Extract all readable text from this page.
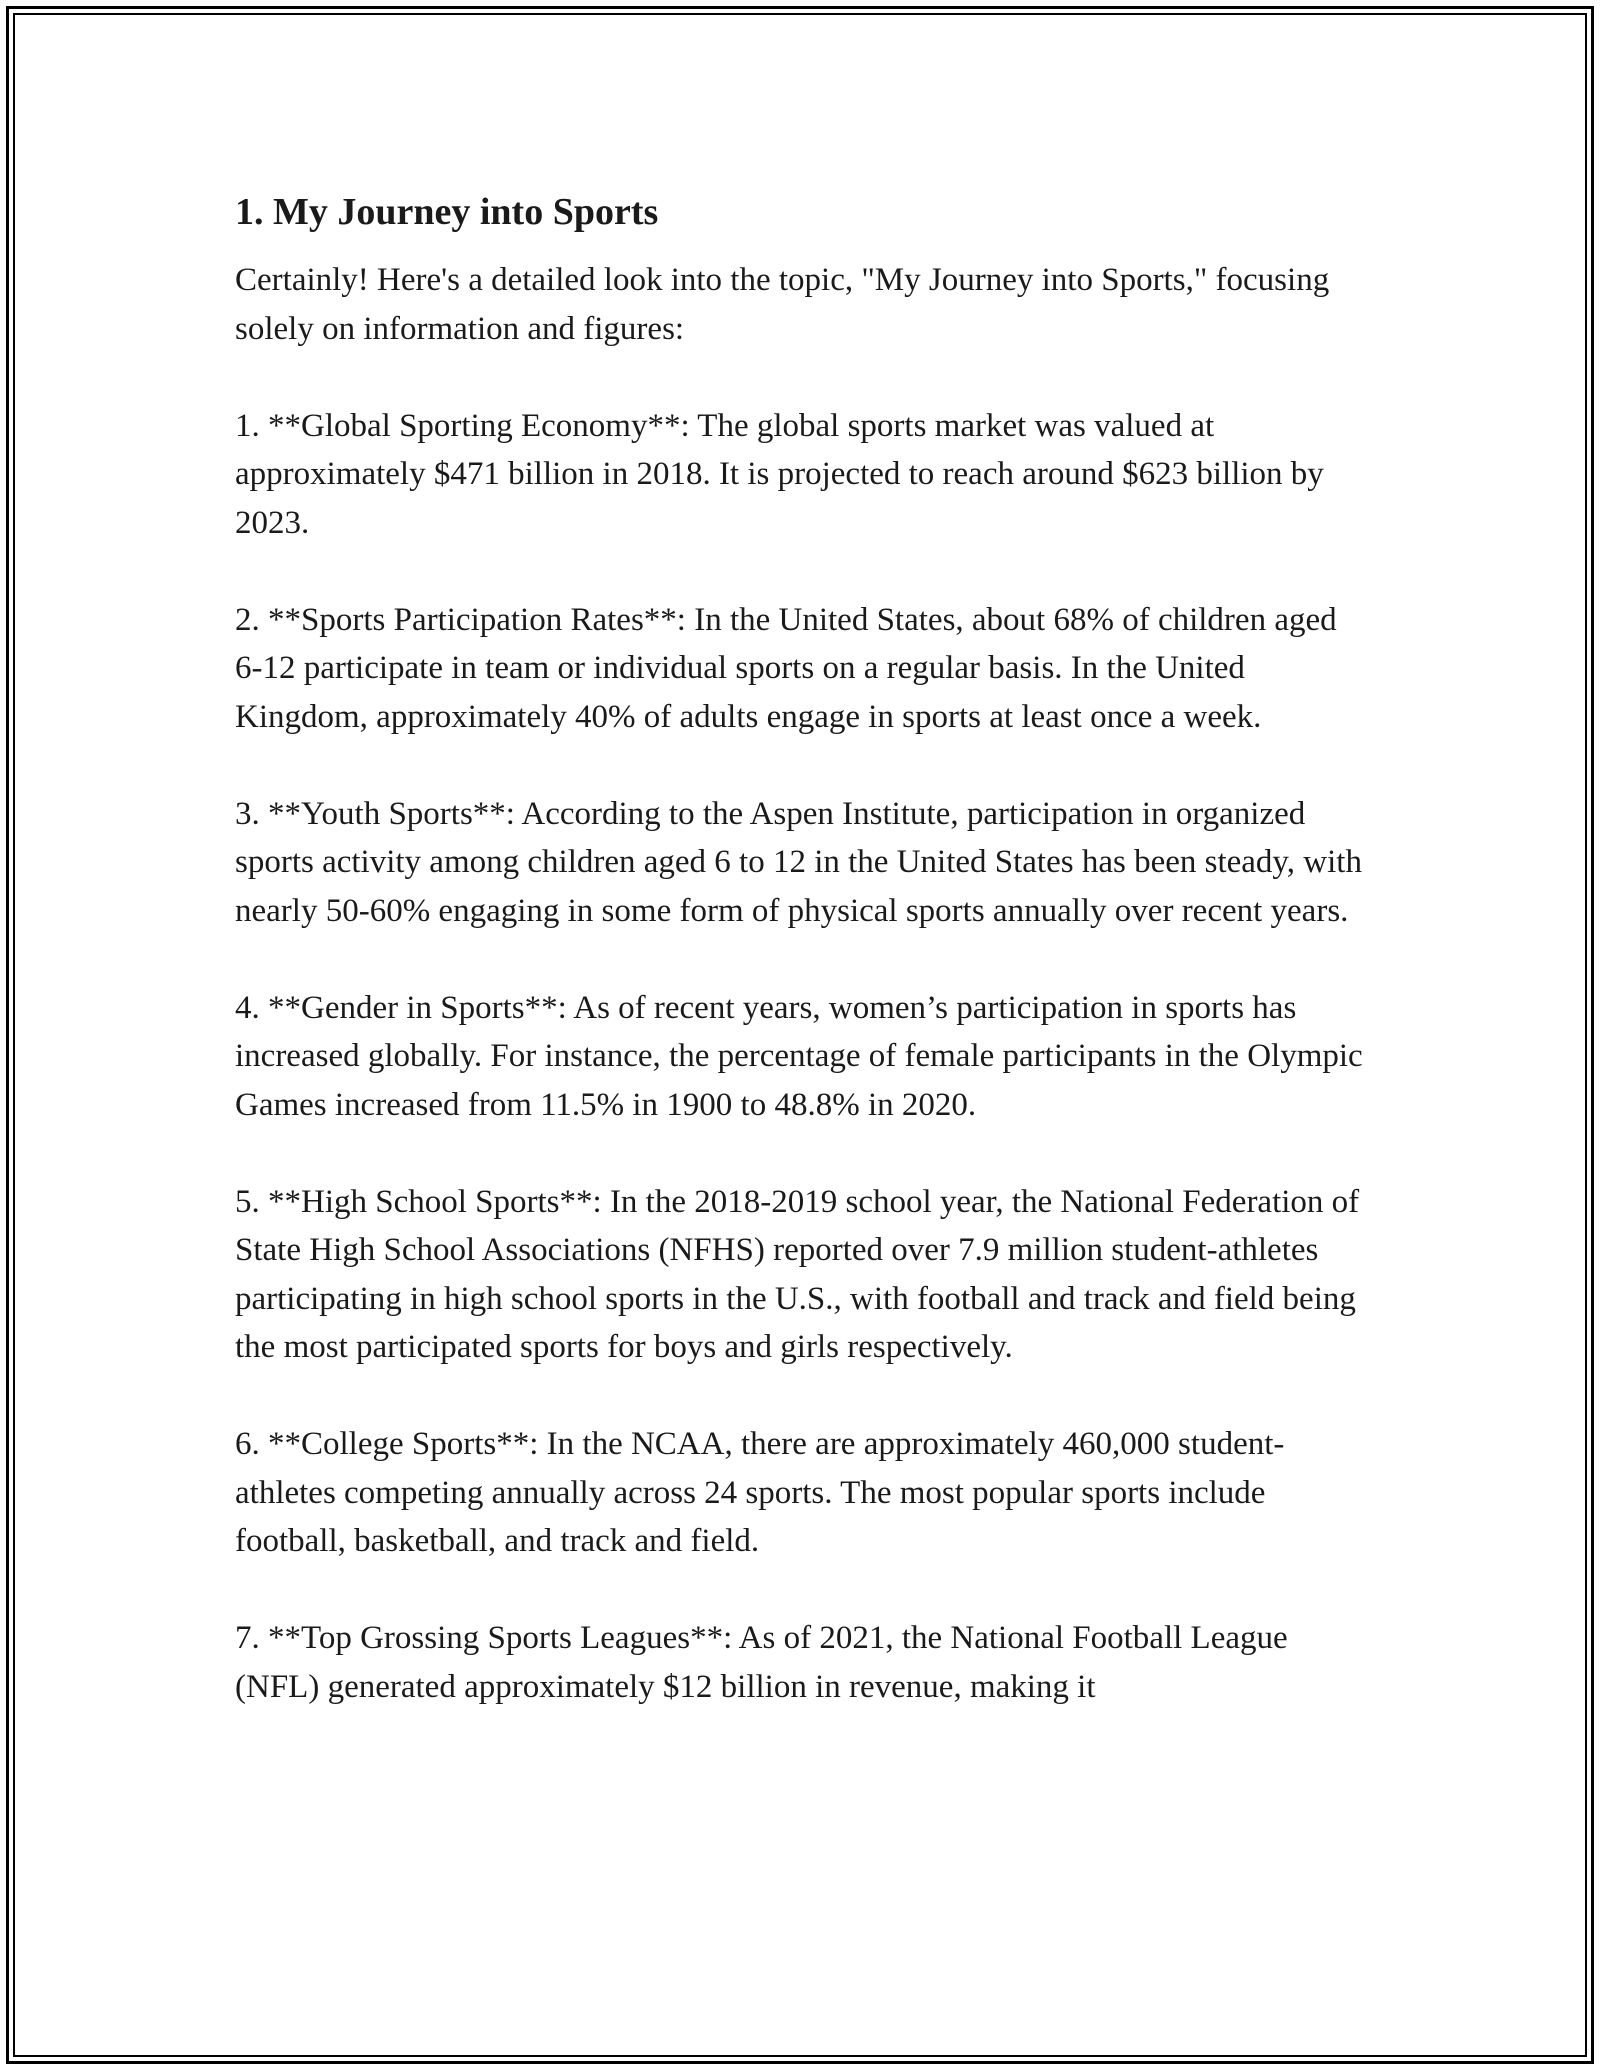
1. My Journey into Sports

Certainly! Here's a detailed look into the topic, "My Journey into Sports," focusing solely on information and figures:

1. **Global Sporting Economy**: The global sports market was valued at approximately $471 billion in 2018. It is projected to reach around $623 billion by 2023.

2. **Sports Participation Rates**: In the United States, about 68% of children aged 6-12 participate in team or individual sports on a regular basis. In the United Kingdom, approximately 40% of adults engage in sports at least once a week.

3. **Youth Sports**: According to the Aspen Institute, participation in organized sports activity among children aged 6 to 12 in the United States has been steady, with nearly 50-60% engaging in some form of physical sports annually over recent years.

4. **Gender in Sports**: As of recent years, women’s participation in sports has increased globally. For instance, the percentage of female participants in the Olympic Games increased from 11.5% in 1900 to 48.8% in 2020.

5. **High School Sports**: In the 2018-2019 school year, the National Federation of State High School Associations (NFHS) reported over 7.9 million student-athletes participating in high school sports in the U.S., with football and track and field being the most participated sports for boys and girls respectively.

6. **College Sports**: In the NCAA, there are approximately 460,000 student-athletes competing annually across 24 sports. The most popular sports include football, basketball, and track and field.

7. **Top Grossing Sports Leagues**: As of 2021, the National Football League (NFL) generated approximately $12 billion in revenue, making it
